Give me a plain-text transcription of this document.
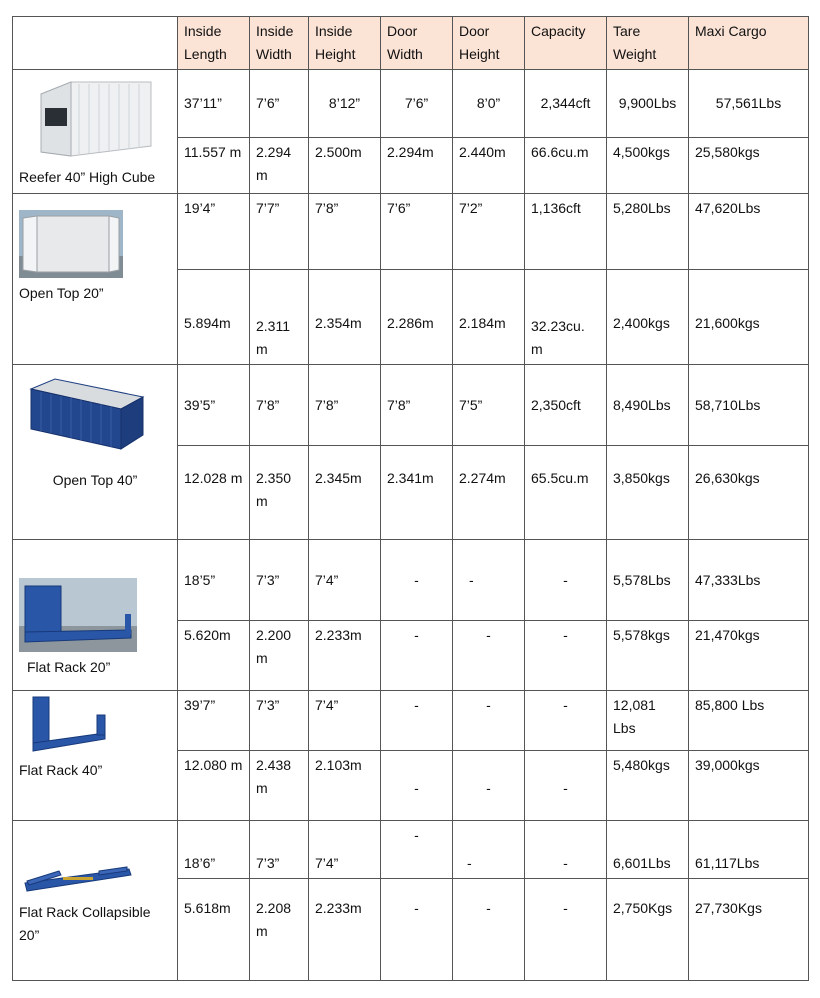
	Inside Length	Inside Width	Inside Height	Door Width	Door Height	Capacity	Tare Weight	Maxi Cargo

Reefer 40” High Cube	37’11”	7’6”	8’12”	7’6”	8’0”	2,344cft	9,900Lbs	57,561Lbs
	11.557 m	2.294 m	2.500m	2.294m	2.440m	66.6cu.m	4,500kgs	25,580kgs

Open Top 20”	19’4”	7’7”	7’8”	7’6”	7’2”	1,136cft	5,280Lbs	47,620Lbs
	5.894m	2.311 m	2.354m	2.286m	2.184m	32.23cu. m	2,400kgs	21,600kgs

Open Top 40”	39’5”	7’8”	7’8”	7’8”	7’5”	2,350cft	8,490Lbs	58,710Lbs
	12.028 m	2.350 m	2.345m	2.341m	2.274m	65.5cu.m	3,850kgs	26,630kgs

Flat Rack 20”	18’5”	7’3”	7’4”	-	-	-	5,578Lbs	47,333Lbs
	5.620m	2.200 m	2.233m	-	-	-	5,578kgs	21,470kgs

Flat Rack 40”	39’7”	7’3”	7’4”	-	-	-	12,081 Lbs	85,800 Lbs
	12.080 m	2.438 m	2.103m	-	-	-	5,480kgs	39,000kgs

Flat Rack Collapsible 20”	18’6”	7’3”	7’4”	-	-	-	6,601Lbs	61,117Lbs
	5.618m	2.208 m	2.233m	-	-	-	2,750Kgs	27,730Kgs
